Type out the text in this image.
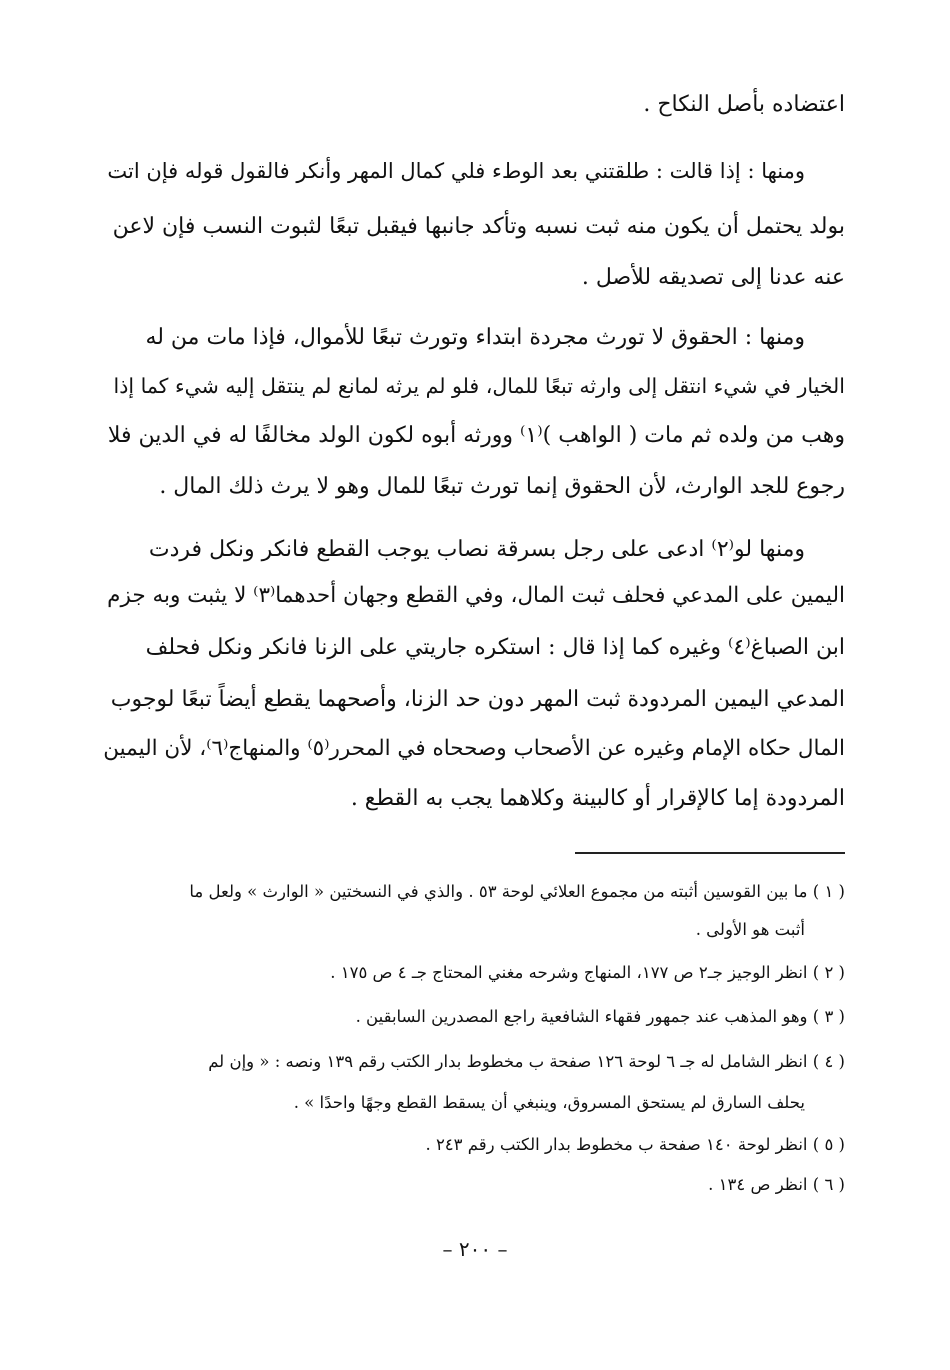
اعتضاده بأصل النكاح .

ومنها : إذا قالت : طلقتني بعد الوطء فلي كمال المهر وأنكر فالقول قوله فإن اتت

بولد يحتمل أن يكون منه ثبت نسبه وتأكد جانبها فيقبل تبعًا لثبوت النسب فإن لاعن

عنه عدنا إلى تصديقه للأصل .

ومنها : الحقوق لا تورث مجردة ابتداء وتورث تبعًا للأموال، فإذا مات من له

الخيار في شيء انتقل إلى وارثه تبعًا للمال، فلو لم يرثه لمانع لم ينتقل إليه شيء كما إذا

وهب من ولده ثم مات ( الواهب )⁽١⁾ وورثه أبوه لكون الولد مخالفًا له في الدين فلا

رجوع للجد الوارث، لأن الحقوق إنما تورث تبعًا للمال وهو لا يرث ذلك المال .

ومنها لو⁽٢⁾ ادعى على رجل بسرقة نصاب يوجب القطع فانكر ونكل فردت

اليمين على المدعي فحلف ثبت المال، وفي القطع وجهان أحدهما⁽٣⁾ لا يثبت وبه جزم

ابن الصباغ⁽٤⁾ وغيره كما إذا قال : استكره جاريتي على الزنا فانكر ونكل فحلف

المدعي اليمين المردودة ثبت المهر دون حد الزنا، وأصحهما يقطع أيضاً تبعًا لوجوب

المال حكاه الإمام وغيره عن الأصحاب وصححاه في المحرر⁽٥⁾ والمنهاج⁽٦⁾، لأن اليمين

المردودة إما كالإقرار أو كالبينة وكلاهما يجب به القطع .

( ١ ) ما بين القوسين أثبته من مجموع العلائي لوحة ٥٣ . والذي في النسختين « الوارث » ولعل ما

أثبت هو الأولى .

( ٢ ) انظر الوجيز جـ٢ ص ١٧٧، المنهاج وشرحه مغني المحتاج جـ ٤ ص ١٧٥ .

( ٣ ) وهو المذهب عند جمهور فقهاء الشافعية راجع المصدرين السابقين .

( ٤ ) انظر الشامل له جـ ٦ لوحة ١٢٦ صفحة ب مخطوط بدار الكتب رقم ١٣٩ ونصه : « وإن لم

يحلف السارق لم يستحق المسروق، وينبغي أن يسقط القطع وجهًا واحدًا » .

( ٥ ) انظر لوحة ١٤٠ صفحة ب مخطوط بدار الكتب رقم ٢٤٣ .

( ٦ ) انظر ص ١٣٤ .

– ٢٠٠ –
